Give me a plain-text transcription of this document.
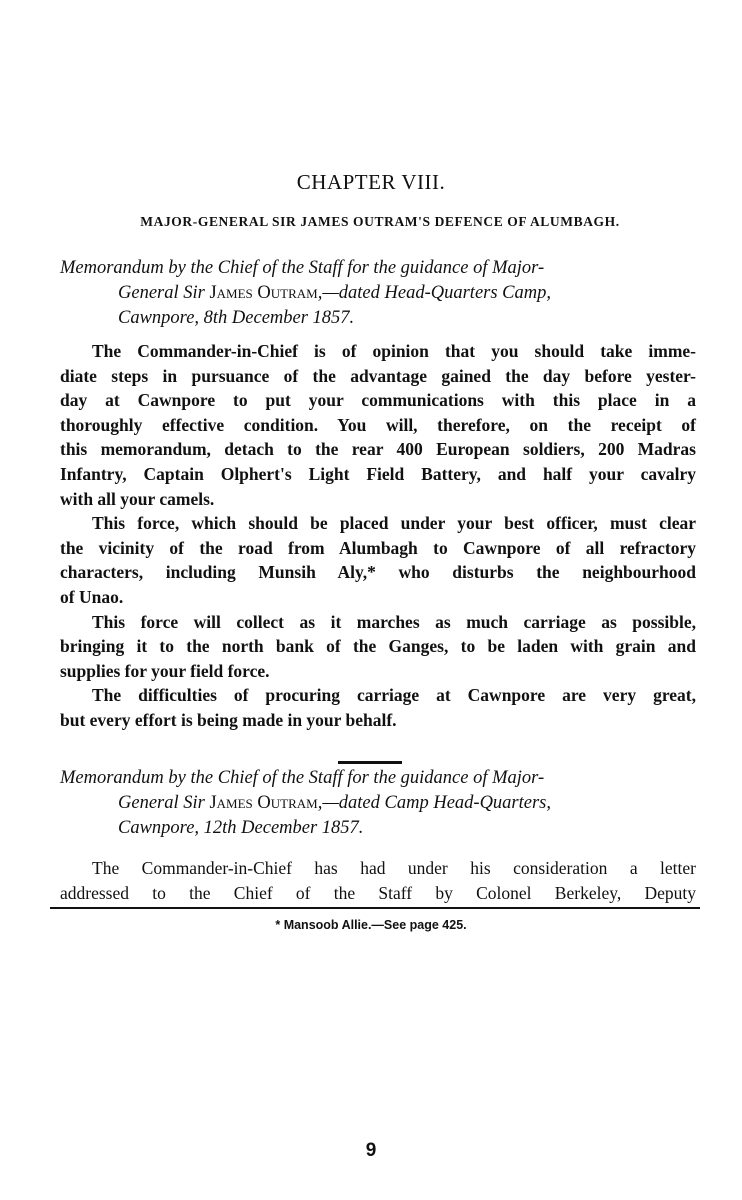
CHAPTER VIII.
MAJOR-GENERAL SIR JAMES OUTRAM'S DEFENCE OF ALUMBAGH.
Memorandum by the Chief of the Staff for the guidance of Major-
General Sir James Outram,—dated Head-Quarters Camp,
Cawnpore, 8th December 1857.
The Commander-in-Chief is of opinion that you should take imme-
diate steps in pursuance of the advantage gained the day before yester-
day at Cawnpore to put your communications with this place in a
thoroughly effective condition. You will, therefore, on the receipt of
this memorandum, detach to the rear 400 European soldiers, 200 Madras
Infantry, Captain Olphert's Light Field Battery, and half your cavalry
with all your camels.
This force, which should be placed under your best officer, must clear
the vicinity of the road from Alumbagh to Cawnpore of all refractory
characters, including Munsih Aly,* who disturbs the neighbourhood
of Unao.
This force will collect as it marches as much carriage as possible,
bringing it to the north bank of the Ganges, to be laden with grain and
supplies for your field force.
The difficulties of procuring carriage at Cawnpore are very great,
but every effort is being made in your behalf.
Memorandum by the Chief of the Staff for the guidance of Major-
General Sir James Outram,—dated Camp Head-Quarters,
Cawnpore, 12th December 1857.
The Commander-in-Chief has had under his consideration a letter
addressed to the Chief of the Staff by Colonel Berkeley, Deputy
* Mansoob Allie.—See page 425.
9
